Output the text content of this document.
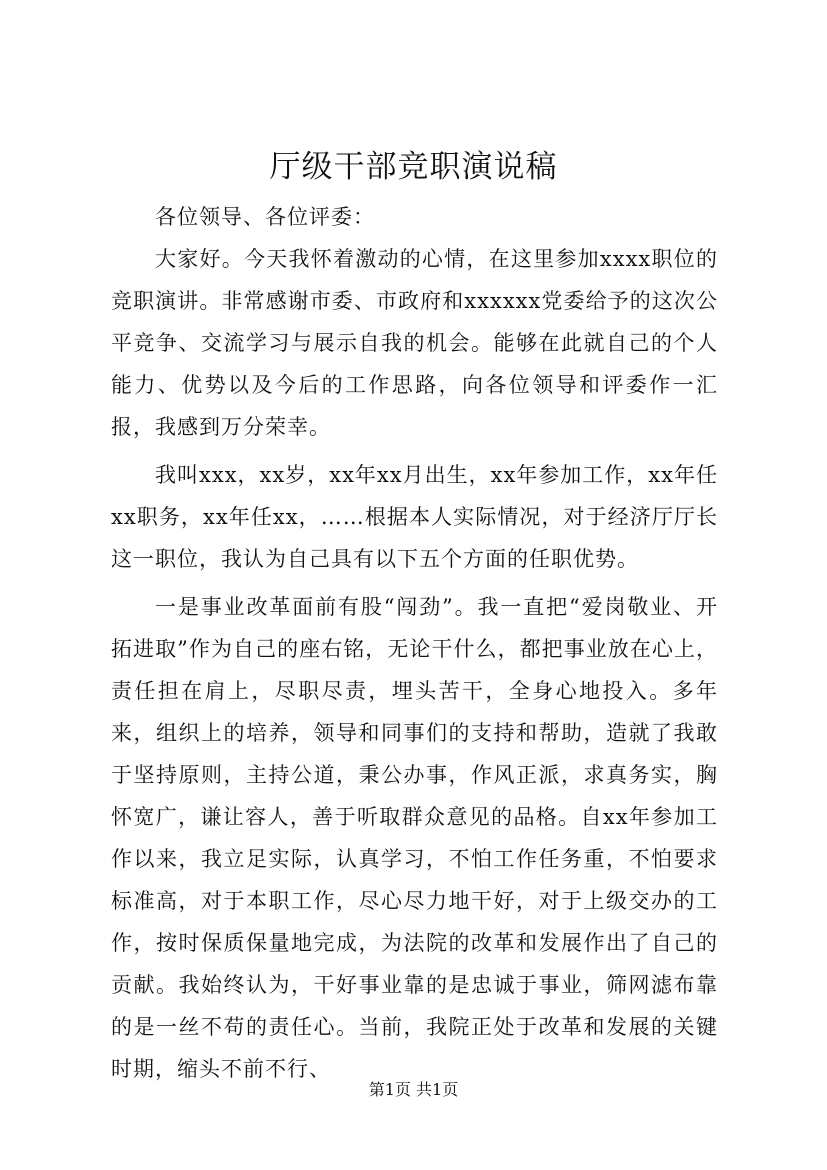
厅级干部竞职演说稿

各位领导、各位评委：

大家好。今天我怀着激动的心情，在这里参加xxxx职位的竞职演讲。非常感谢市委、市政府和xxxxxx党委给予的这次公平竞争、交流学习与展示自我的机会。能够在此就自己的个人能力、优势以及今后的工作思路，向各位领导和评委作一汇报，我感到万分荣幸。

我叫xxx，xx岁，xx年xx月出生，xx年参加工作，xx年任xx职务，xx年任xx，……根据本人实际情况，对于经济厅厅长这一职位，我认为自己具有以下五个方面的任职优势。

一是事业改革面前有股“闯劲”。我一直把“爱岗敬业、开拓进取”作为自己的座右铭，无论干什么，都把事业放在心上，责任担在肩上，尽职尽责，埋头苦干，全身心地投入。多年来，组织上的培养，领导和同事们的支持和帮助，造就了我敢于坚持原则，主持公道，秉公办事，作风正派，求真务实，胸怀宽广，谦让容人，善于听取群众意见的品格。自xx年参加工作以来，我立足实际，认真学习，不怕工作任务重，不怕要求标准高，对于本职工作，尽心尽力地干好，对于上级交办的工作，按时保质保量地完成，为法院的改革和发展作出了自己的贡献。我始终认为，干好事业靠的是忠诚于事业，筛网滤布靠的是一丝不苟的责任心。当前，我院正处于改革和发展的关键时期，缩头不前不行、

第1页 共1页
